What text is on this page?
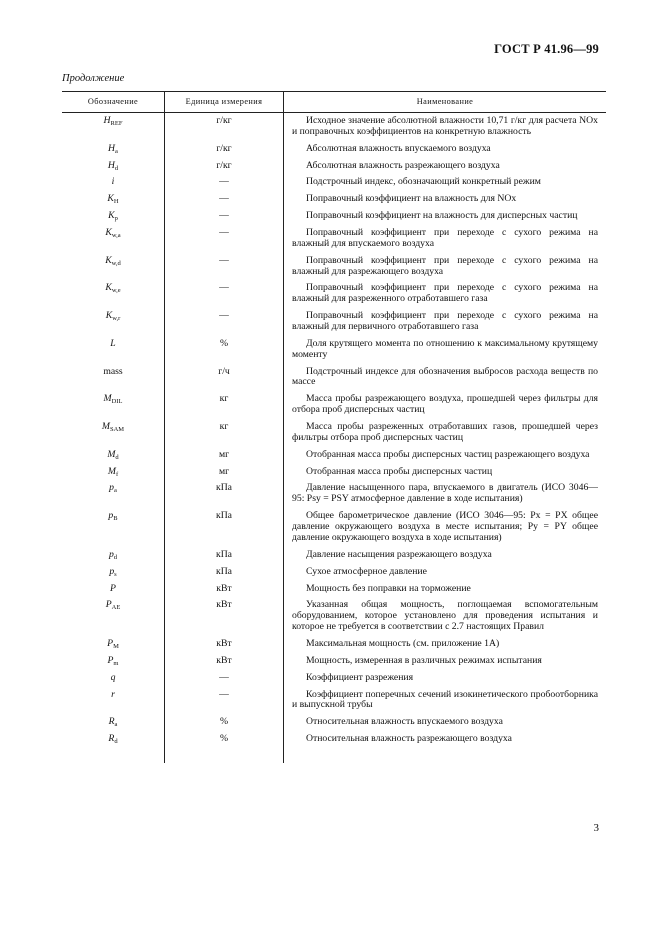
ГОСТ Р 41.96—99
Продолжение
Обозначение	Единица измерения	Наименование
$H_{REF}$	г/кг	Исходное значение абсолютной влажности 10,71 г/кг для расчета NOx и поправочных коэффициентов на конкретную влажность

$H_a$	г/кг	Абсолютная влажность впускаемого воздуха

$H_d$	г/кг	Абсолютная влажность разрежающего воздуха

i	—	Подстрочный индекс, обозначающий конкретный режим

$K_H$	—	Поправочный коэффициент на влажность для NOx

$K_p$	—	Поправочный коэффициент на влажность для дисперсных частиц

$K_{w,a}$	—	Поправочный коэффициент при переходе с сухого режима на влажный для впускаемого воздуха

$K_{w,d}$	—	Поправочный коэффициент при переходе с сухого режима на влажный для разрежающего воздуха

$K_{w,e}$	—	Поправочный коэффициент при переходе с сухого режима на влажный для разреженного отработавшего газа

$K_{w,r}$	—	Поправочный коэффициент при переходе с сухого режима на влажный для первичного отработавшего газа

L	%	Доля крутящего момента по отношению к максимальному крутящему моменту

mass	г/ч	Подстрочный индексе для обозначения выбросов расхода веществ по массе

$M_{DIL}$	кг	Масса пробы разрежающего воздуха, прошедшей через фильтры для отбора проб дисперсных частиц

$M_{SAM}$	кг	Масса пробы разреженных отработавших газов, прошедшей через фильтры отбора проб дисперсных частиц

$M_d$	мг	Отобранная масса пробы дисперсных частиц разрежающего воздуха

$M_f$	мг	Отобранная масса пробы дисперсных частиц

$p_a$	кПа	Давление насыщенного пара, впускаемого в двигатель (ИСО 3046—95: Psy = PSY атмосферное давление в ходе испытания)

$p_B$	кПа	Общее барометрическое давление (ИСО 3046—95: Px = PX общее давление окружающего воздуха в месте испытания; Py = PY общее давление окружающего воздуха в ходе испытания)

$p_d$	кПа	Давление насыщения разрежающего воздуха

$p_s$	кПа	Сухое атмосферное давление

P	кВт	Мощность без поправки на торможение

$P_{AE}$	кВт	Указанная общая мощность, поглощаемая вспомогательным оборудованием, которое установлено для проведения испытания и которое не требуется в соответствии с 2.7 настоящих Правил

$P_M$	кВт	Максимальная мощность (см. приложение 1А)

$P_m$	кВт	Мощность, измеренная в различных режимах испытания

q	—	Коэффициент разрежения

r	—	Коэффициент поперечных сечений изокинетического пробоотборника и выпускной трубы

$R_a$	%	Относительная влажность впускаемого воздуха

$R_d$	%	Относительная влажность разрежающего воздуха
3
